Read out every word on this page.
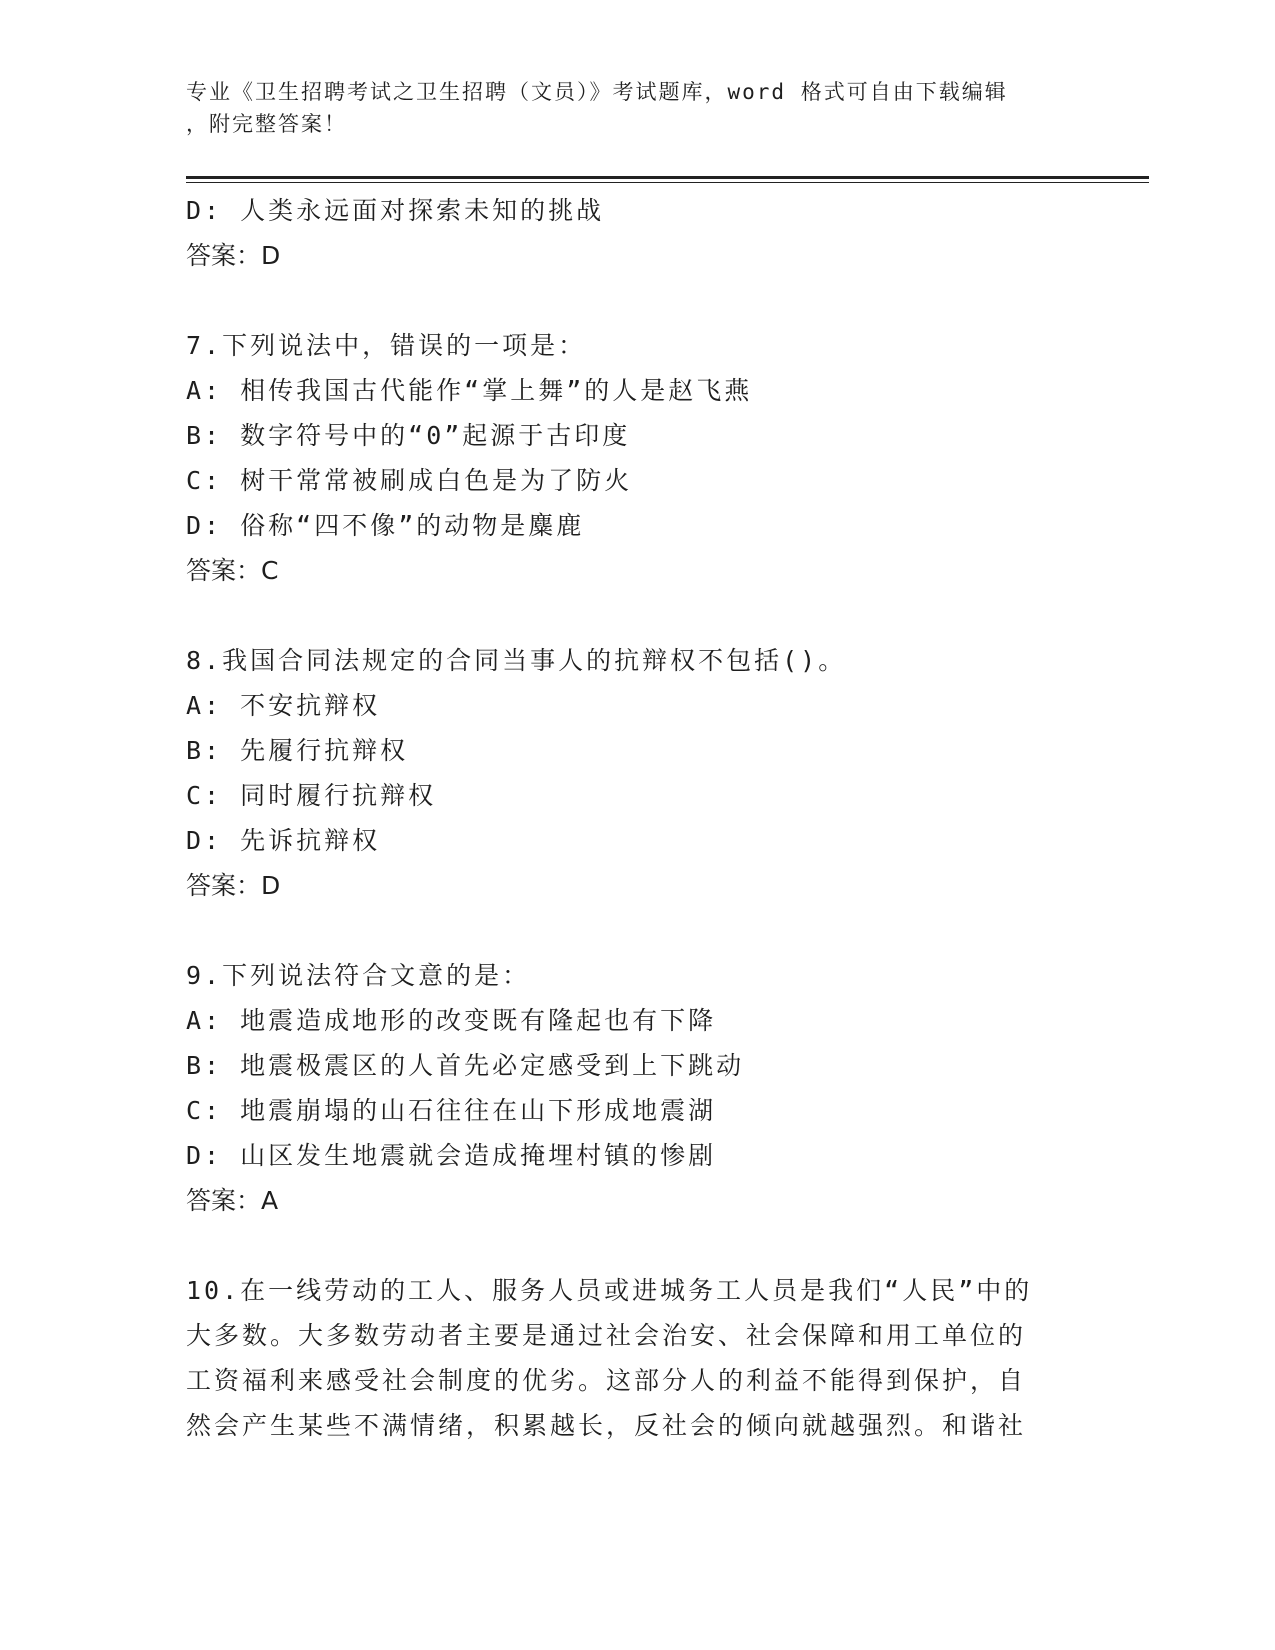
专业《卫生招聘考试之卫生招聘（文员）》考试题库，word 格式可自由下载编辑
，附完整答案！
D: 人类永远面对探索未知的挑战
答案：D
7.下列说法中，错误的一项是：
A: 相传我国古代能作“掌上舞”的人是赵飞燕
B: 数字符号中的“0”起源于古印度
C: 树干常常被刷成白色是为了防火
D: 俗称“四不像”的动物是麋鹿
答案：C
8.我国合同法规定的合同当事人的抗辩权不包括()。
A: 不安抗辩权
B: 先履行抗辩权
C: 同时履行抗辩权
D: 先诉抗辩权
答案：D
9.下列说法符合文意的是：
A: 地震造成地形的改变既有隆起也有下降
B: 地震极震区的人首先必定感受到上下跳动
C: 地震崩塌的山石往往在山下形成地震湖
D: 山区发生地震就会造成掩埋村镇的惨剧
答案：A
10.在一线劳动的工人、服务人员或进城务工人员是我们“人民”中的
大多数。大多数劳动者主要是通过社会治安、社会保障和用工单位的
工资福利来感受社会制度的优劣。这部分人的利益不能得到保护，自
然会产生某些不满情绪，积累越长，反社会的倾向就越强烈。和谐社
